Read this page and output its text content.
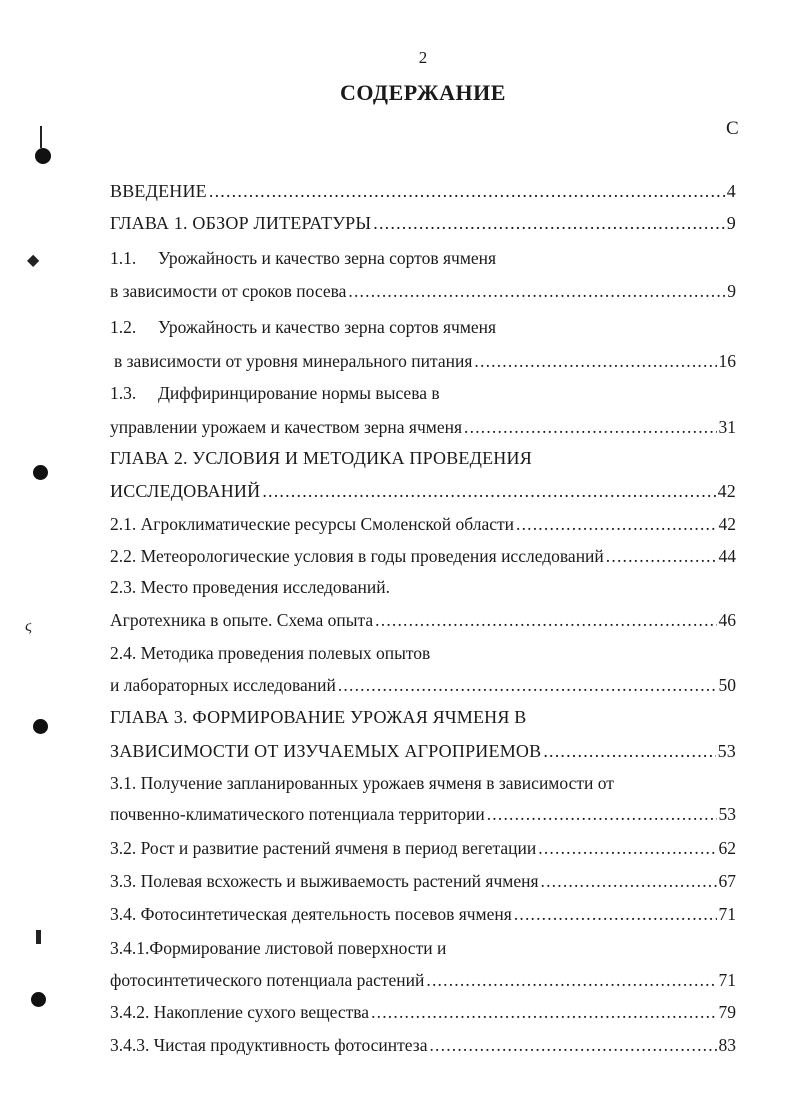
2
СОДЕРЖАНИЕ
С
◆
ϛ
ВВЕДЕНИЕ .....	4
ГЛАВА 1. ОБЗОР ЛИТЕРАТУРЫ .....	9
1.1. Урожайность и качество зерна сортов ячменя
в зависимости от сроков посева .....	9
1.2. Урожайность и качество зерна сортов ячменя
в зависимости от уровня минерального питания .....	16
1.3. Диффиринцирование нормы высева в
управлении урожаем и качеством зерна ячменя .....	31
ГЛАВА 2. УСЛОВИЯ И МЕТОДИКА ПРОВЕДЕНИЯ
ИССЛЕДОВАНИЙ .....	42
2.1. Агроклиматические ресурсы Смоленской области .....	42
2.2. Метеорологические условия в годы проведения исследований .....	44
2.3. Место проведения исследований.
Агротехника в опыте. Схема опыта .....	46
2.4. Методика проведения полевых опытов
и лабораторных исследований .....	50
ГЛАВА 3. ФОРМИРОВАНИЕ УРОЖАЯ ЯЧМЕНЯ В
ЗАВИСИМОСТИ ОТ ИЗУЧАЕМЫХ АГРОПРИЕМОВ .....	53
3.1. Получение запланированных урожаев ячменя в зависимости от
почвенно-климатического потенциала территории .....	53
3.2. Рост и развитие растений ячменя в период вегетации .....	62
3.3. Полевая всхожесть и выживаемость растений ячменя .....	67
3.4. Фотосинтетическая деятельность посевов ячменя .....	71
3.4.1.Формирование листовой поверхности и
фотосинтетического потенциала растений .....	71
3.4.2. Накопление сухого вещества .....	79
3.4.3. Чистая продуктивность фотосинтеза .....	83
